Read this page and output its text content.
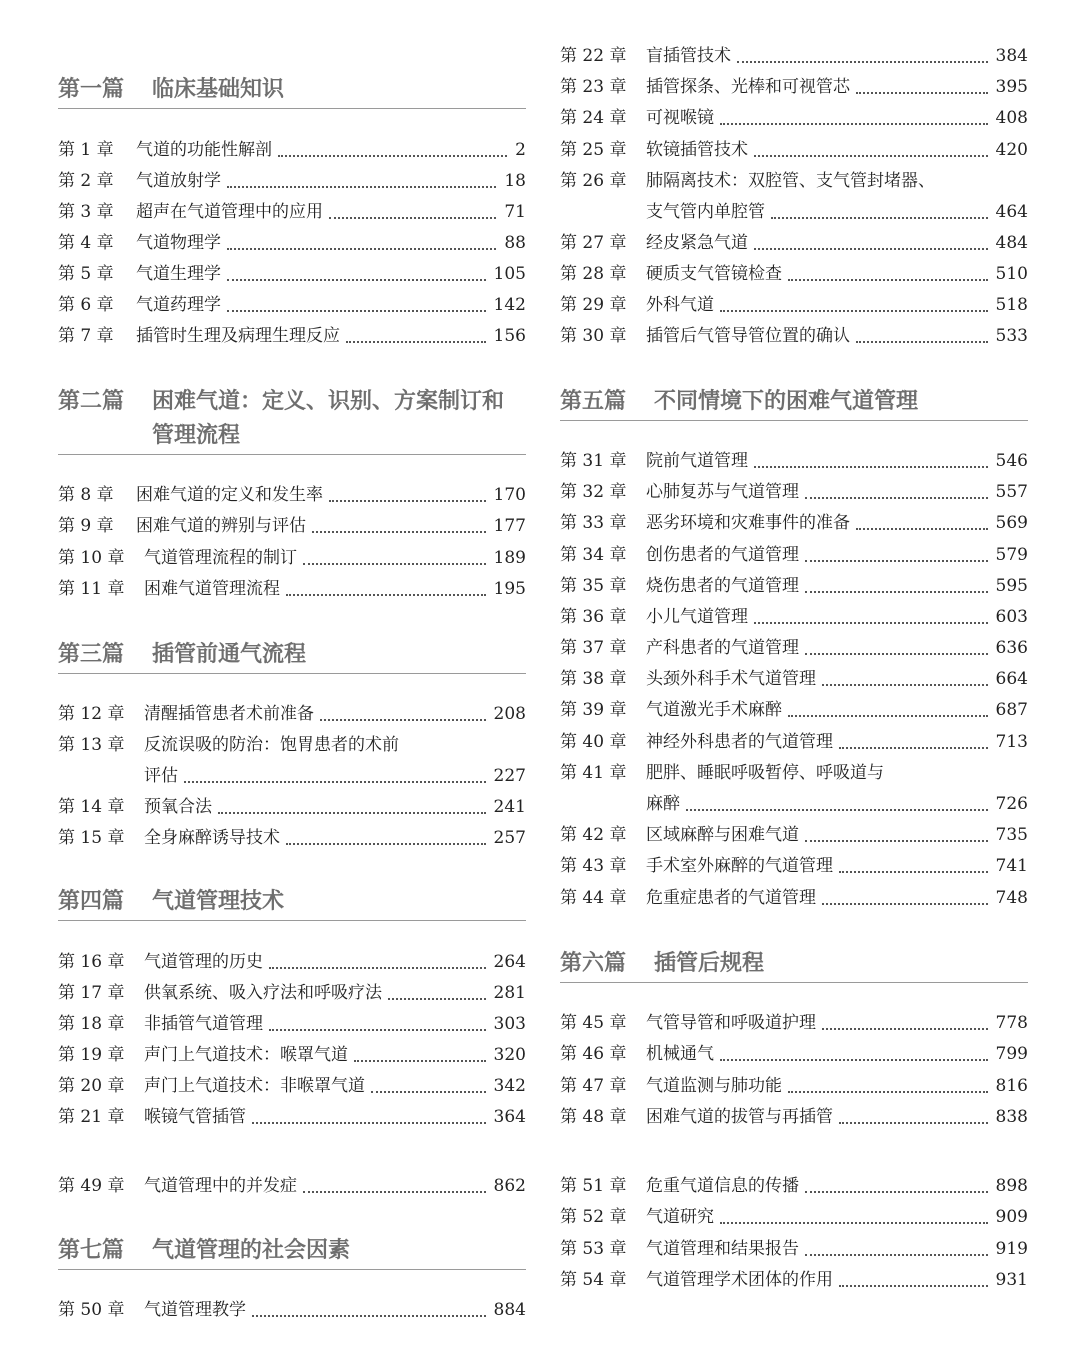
第一篇 临床基础知识
第 1 章 气道的功能性解剖	2
第 2 章 气道放射学	18
第 3 章 超声在气道管理中的应用	71
第 4 章 气道物理学	88
第 5 章 气道生理学	105
第 6 章 气道药理学	142
第 7 章 插管时生理及病理生理反应	156
第二篇 困难气道：定义、识别、方案制订和管理流程
第 8 章 困难气道的定义和发生率	170
第 9 章 困难气道的辨别与评估	177
第 10 章 气道管理流程的制订	189
第 11 章 困难气道管理流程	195
第三篇 插管前通气流程
第 12 章 清醒插管患者术前准备	208
第 13 章 反流误吸的防治：饱胃患者的术前
评估	227
第 14 章 预氧合法	241
第 15 章 全身麻醉诱导技术	257
第四篇 气道管理技术
第 16 章 气道管理的历史	264
第 17 章 供氧系统、吸入疗法和呼吸疗法	281
第 18 章 非插管气道管理	303
第 19 章 声门上气道技术：喉罩气道	320
第 20 章 声门上气道技术：非喉罩气道	342
第 21 章 喉镜气管插管	364
第 49 章 气道管理中的并发症	862
第七篇 气道管理的社会因素
第 50 章 气道管理教学	884
第 22 章 盲插管技术	384
第 23 章 插管探条、光棒和可视管芯	395
第 24 章 可视喉镜	408
第 25 章 软镜插管技术	420
第 26 章 肺隔离技术：双腔管、支气管封堵器、
支气管内单腔管	464
第 27 章 经皮紧急气道	484
第 28 章 硬质支气管镜检查	510
第 29 章 外科气道	518
第 30 章 插管后气管导管位置的确认	533
第五篇 不同情境下的困难气道管理
第 31 章 院前气道管理	546
第 32 章 心肺复苏与气道管理	557
第 33 章 恶劣环境和灾难事件的准备	569
第 34 章 创伤患者的气道管理	579
第 35 章 烧伤患者的气道管理	595
第 36 章 小儿气道管理	603
第 37 章 产科患者的气道管理	636
第 38 章 头颈外科手术气道管理	664
第 39 章 气道激光手术麻醉	687
第 40 章 神经外科患者的气道管理	713
第 41 章 肥胖、睡眠呼吸暂停、呼吸道与
麻醉	726
第 42 章 区域麻醉与困难气道	735
第 43 章 手术室外麻醉的气道管理	741
第 44 章 危重症患者的气道管理	748
第六篇 插管后规程
第 45 章 气管导管和呼吸道护理	778
第 46 章 机械通气	799
第 47 章 气道监测与肺功能	816
第 48 章 困难气道的拔管与再插管	838
第 51 章 危重气道信息的传播	898
第 52 章 气道研究	909
第 53 章 气道管理和结果报告	919
第 54 章 气道管理学术团体的作用	931
